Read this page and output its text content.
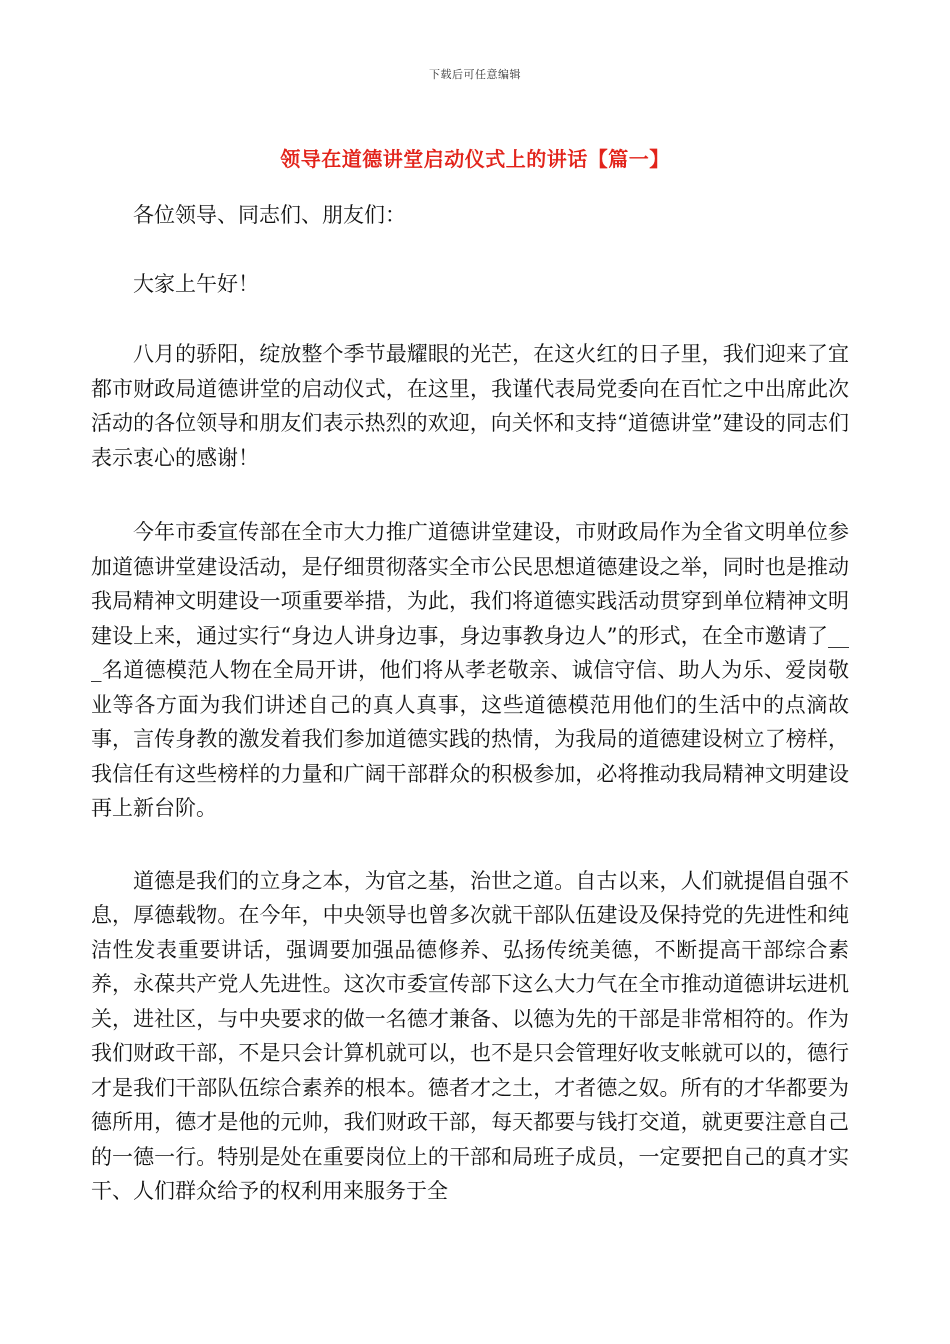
下载后可任意编辑
领导在道德讲堂启动仪式上的讲话【篇一】

各位领导、同志们、朋友们：

大家上午好！

八月的骄阳，绽放整个季节最耀眼的光芒，在这火红的日子里，我们迎来了宜都市财政局道德讲堂的启动仪式，在这里，我谨代表局党委向在百忙之中出席此次活动的各位领导和朋友们表示热烈的欢迎，向关怀和支持“道德讲堂”建设的同志们表示衷心的感谢！

今年市委宣传部在全市大力推广道德讲堂建设，市财政局作为全省文明单位参加道德讲堂建设活动，是仔细贯彻落实全市公民思想道德建设之举，同时也是推动我局精神文明建设一项重要举措，为此，我们将道德实践活动贯穿到单位精神文明建设上来，通过实行“身边人讲身边事，身边事教身边人”的形式，在全市邀请了___名道德模范人物在全局开讲，他们将从孝老敬亲、诚信守信、助人为乐、爱岗敬业等各方面为我们讲述自己的真人真事，这些道德模范用他们的生活中的点滴故事，言传身教的激发着我们参加道德实践的热情，为我局的道德建设树立了榜样，我信任有这些榜样的力量和广阔干部群众的积极参加，必将推动我局精神文明建设再上新台阶。

道德是我们的立身之本，为官之基，治世之道。自古以来，人们就提倡自强不息，厚德载物。在今年，中央领导也曾多次就干部队伍建设及保持党的先进性和纯洁性发表重要讲话，强调要加强品德修养、弘扬传统美德，不断提高干部综合素养，永葆共产党人先进性。这次市委宣传部下这么大力气在全市推动道德讲坛进机关，进社区，与中央要求的做一名德才兼备、以德为先的干部是非常相符的。作为我们财政干部，不是只会计算机就可以，也不是只会管理好收支帐就可以的，德行才是我们干部队伍综合素养的根本。德者才之土，才者德之奴。所有的才华都要为德所用，德才是他的元帅，我们财政干部，每天都要与钱打交道，就更要注意自己的一德一行。特别是处在重要岗位上的干部和局班子成员，一定要把自己的真才实干、人们群众给予的权利用来服务于全
